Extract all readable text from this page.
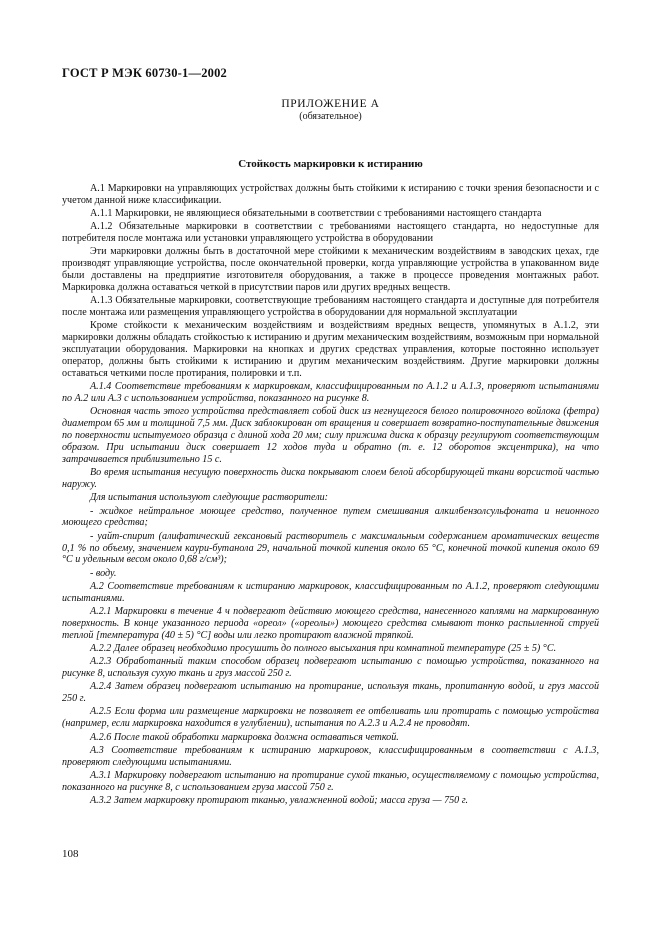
ГОСТ Р МЭК 60730-1—2002
ПРИЛОЖЕНИЕ А
(обязательное)
Стойкость маркировки к истиранию

А.1 Маркировки на управляющих устройствах должны быть стойкими к истиранию с точки зрения безопасности и с учетом данной ниже классификации.

А.1.1 Маркировки, не являющиеся обязательными в соответствии с требованиями настоящего стандарта

А.1.2 Обязательные маркировки в соответствии с требованиями настоящего стандарта, но недоступные для потребителя после монтажа или установки управляющего устройства в оборудовании

Эти маркировки должны быть в достаточной мере стойкими к механическим воздействиям в заводских цехах, где производят управляющие устройства, после окончательной проверки, когда управляющие устройства в упакованном виде были доставлены на предприятие изготовителя оборудования, а также в процессе проведения монтажных работ. Маркировка должна оставаться четкой в присутствии паров или других вредных веществ.

А.1.3 Обязательные маркировки, соответствующие требованиям настоящего стандарта и доступные для потребителя после монтажа или размещения управляющего устройства в оборудовании для нормальной эксплуатации

Кроме стойкости к механическим воздействиям и воздействиям вредных веществ, упомянутых в А.1.2, эти маркировки должны обладать стойкостью к истиранию и другим механическим воздействиям, возможным при нормальной эксплуатации оборудования. Маркировки на кнопках и других средствах управления, которые постоянно использует оператор, должны быть стойкими к истиранию и другим механическим воздействиям. Другие маркировки должны оставаться четкими после протирания, полировки и т.п.

А.1.4 Соответствие требованиям к маркировкам, классифицированным по А.1.2 и А.1.3, проверяют испытаниями по А.2 или А.3 с использованием устройства, показанного на рисунке 8.

Основная часть этого устройства представляет собой диск из негнущегося белого полировочного войлока (фетра) диаметром 65 мм и толщиной 7,5 мм. Диск заблокирован от вращения и совершает возвратно-поступательные движения по поверхности испытуемого образца с длиной хода 20 мм; силу прижима диска к образцу регулируют соответствующим образом. При испытании диск совершает 12 ходов туда и обратно (т. е. 12 оборотов эксцентрика), на что затрачивается приблизительно 15 с.

Во время испытания несущую поверхность диска покрывают слоем белой абсорбирующей ткани ворсистой частью наружу.

Для испытания используют следующие растворители:

- жидкое нейтральное моющее средство, полученное путем смешивания алкилбензолсульфоната и неионного моющего средства;

- уайт-спирит (алифатический гексановый растворитель с максимальным содержанием ароматических веществ 0,1 % по объему, значением каури-бутанола 29, начальной точкой кипения около 65 °С, конечной точкой кипения около 69 °С и удельным весом около 0,68 г/см³);

- воду.

А.2 Соответствие требованиям к истиранию маркировок, классифицированным по А.1.2, проверяют следующими испытаниями.

А.2.1 Маркировки в течение 4 ч подвергают действию моющего средства, нанесенного каплями на маркированную поверхность. В конце указанного периода «ореол» («ореолы») моющего средства смывают тонко распыленной струей теплой [температура (40 ± 5) °С] воды или легко протирают влажной тряпкой.

А.2.2 Далее образец необходимо просушить до полного высыхания при комнатной температуре (25 ± 5) °С.

А.2.3 Обработанный таким способом образец подвергают испытанию с помощью устройства, показанного на рисунке 8, используя сухую ткань и груз массой 250 г.

А.2.4 Затем образец подвергают испытанию на протирание, используя ткань, пропитанную водой, и груз массой 250 г.

А.2.5 Если форма или размещение маркировки не позволяет ее отбеливать или протирать с помощью устройства (например, если маркировка находится в углублении), испытания по А.2.3 и А.2.4 не проводят.

А.2.6 После такой обработки маркировка должна оставаться четкой.

А.3 Соответствие требованиям к истиранию маркировок, классифицированным в соответствии с А.1.3, проверяют следующими испытаниями.

А.3.1 Маркировку подвергают испытанию на протирание сухой тканью, осуществляемому с помощью устройства, показанного на рисунке 8, с использованием груза массой 750 г.

А.3.2 Затем маркировку протирают тканью, увлажненной водой; масса груза — 750 г.

108
